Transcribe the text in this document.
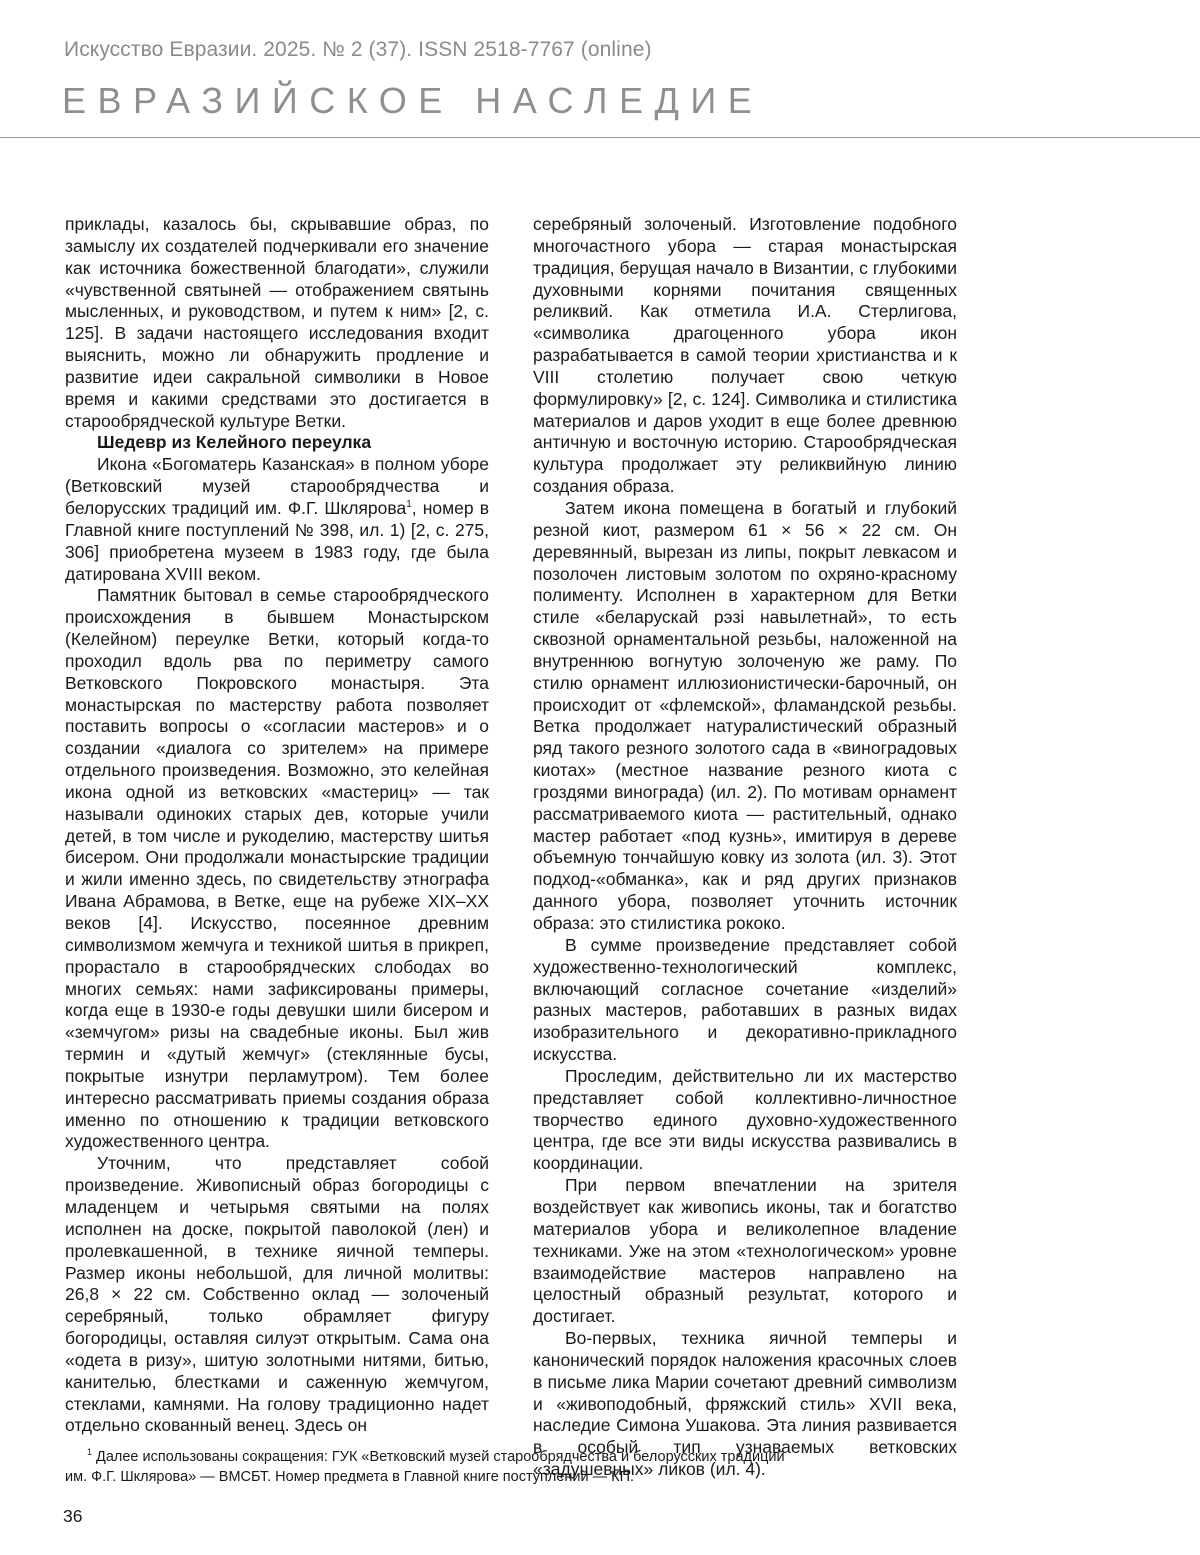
Искусство Евразии. 2025. № 2 (37). ISSN 2518-7767 (online)
ЕВРАЗИЙСКОЕ НАСЛЕДИЕ

приклады, казалось бы, скрывавшие образ, по замыслу их создателей подчеркивали его значение как источника божественной благодати», служили «чувственной святыней — отображением святынь мысленных, и руководством, и путем к ним» [2, с. 125]. В задачи настоящего исследования входит выяснить, можно ли обнаружить продление и развитие идеи сакральной символики в Новое время и какими средствами это достигается в старообрядческой культуре Ветки.

Шедевр из Келейного переулка

Икона «Богоматерь Казанская» в полном уборе (Ветковский музей старообрядчества и белорусских традиций им. Ф.Г. Шклярова$^1$, номер в Главной книге поступлений № 398, ил. 1) [2, с. 275, 306] приобретена музеем в 1983 году, где была датирована XVIII веком.

Памятник бытовал в семье старообрядческого происхождения в бывшем Монастырском (Келейном) переулке Ветки, который когда-то проходил вдоль рва по периметру самого Ветковского Покровского монастыря. Эта монастырская по мастерству работа позволяет поставить вопросы о «согласии мастеров» и о создании «диалога со зрителем» на примере отдельного произведения. Возможно, это келейная икона одной из ветковских «мастериц» — так называли одиноких старых дев, которые учили детей, в том числе и рукоделию, мастерству шитья бисером. Они продолжали монастырские традиции и жили именно здесь, по свидетельству этнографа Ивана Абрамова, в Ветке, еще на рубеже XIX–XX веков [4]. Искусство, посеянное древним символизмом жемчуга и техникой шитья в прикреп, прорастало в старообрядческих слободах во многих семьях: нами зафиксированы примеры, когда еще в 1930-е годы девушки шили бисером и «земчугом» ризы на свадебные иконы. Был жив термин и «дутый жемчуг» (стеклянные бусы, покрытые изнутри перламутром). Тем более интересно рассматривать приемы создания образа именно по отношению к традиции ветковского художественного центра.

Уточним, что представляет собой произведение. Живописный образ богородицы с младенцем и четырьмя святыми на полях исполнен на доске, покрытой паволокой (лен) и пролевкашенной, в технике яичной темперы. Размер иконы небольшой, для личной молитвы: 26,8 × 22 см. Собственно оклад — золоченый серебряный, только обрамляет фигуру богородицы, оставляя силуэт открытым. Сама она «одета в ризу», шитую золотными нитями, битью, канителью, блестками и саженную жемчугом, стеклами, камнями. На голову традиционно надет отдельно скованный венец. Здесь он

серебряный золоченый. Изготовление подобного многочастного убора — старая монастырская традиция, берущая начало в Византии, с глубокими духовными корнями почитания священных реликвий. Как отметила И.А. Стерлигова, «символика драгоценного убора икон разрабатывается в самой теории христианства и к VIII столетию получает свою четкую формулировку» [2, с. 124]. Символика и стилистика материалов и даров уходит в еще более древнюю античную и восточную историю. Старообрядческая культура продолжает эту реликвийную линию создания образа.

Затем икона помещена в богатый и глубокий резной киот, размером 61 × 56 × 22 см. Он деревянный, вырезан из липы, покрыт левкасом и позолочен листовым золотом по охряно-красному полименту. Исполнен в характерном для Ветки стиле «беларускай рэзі навылетнай», то есть сквозной орнаментальной резьбы, наложенной на внутреннюю вогнутую золоченую же раму. По стилю орнамент иллюзионистически-барочный, он происходит от «флемской», фламандской резьбы. Ветка продолжает натуралистический образный ряд такого резного золотого сада в «виноградовых киотах» (местное название резного киота с гроздями винограда) (ил. 2). По мотивам орнамент рассматриваемого киота — растительный, однако мастер работает «под кузнь», имитируя в дереве объемную тончайшую ковку из золота (ил. 3). Этот подход-«обманка», как и ряд других признаков данного убора, позволяет уточнить источник образа: это стилистика рококо.

В сумме произведение представляет собой художественно-технологический комплекс, включающий согласное сочетание «изделий» разных мастеров, работавших в разных видах изобразительного и декоративно-прикладного искусства.

Проследим, действительно ли их мастерство представляет собой коллективно-личностное творчество единого духовно-художественного центра, где все эти виды искусства развивались в координации.

При первом впечатлении на зрителя воздействует как живопись иконы, так и богатство материалов убора и великолепное владение техниками. Уже на этом «технологическом» уровне взаимодействие мастеров направлено на целостный образный результат, которого и достигает.

Во-первых, техника яичной темперы и канонический порядок наложения красочных слоев в письме лика Марии сочетают древний символизм и «живоподобный, фряжский стиль» XVII века, наследие Симона Ушакова. Эта линия развивается в особый тип узнаваемых ветковских «задушевных» ликов (ил. 4).

$^1$ Далее использованы сокращения: ГУК «Ветковский музей старообрядчества и белорусских традиций
им. Ф.Г. Шклярова» — ВМСБТ. Номер предмета в Главной книге поступлений — КП.
36
